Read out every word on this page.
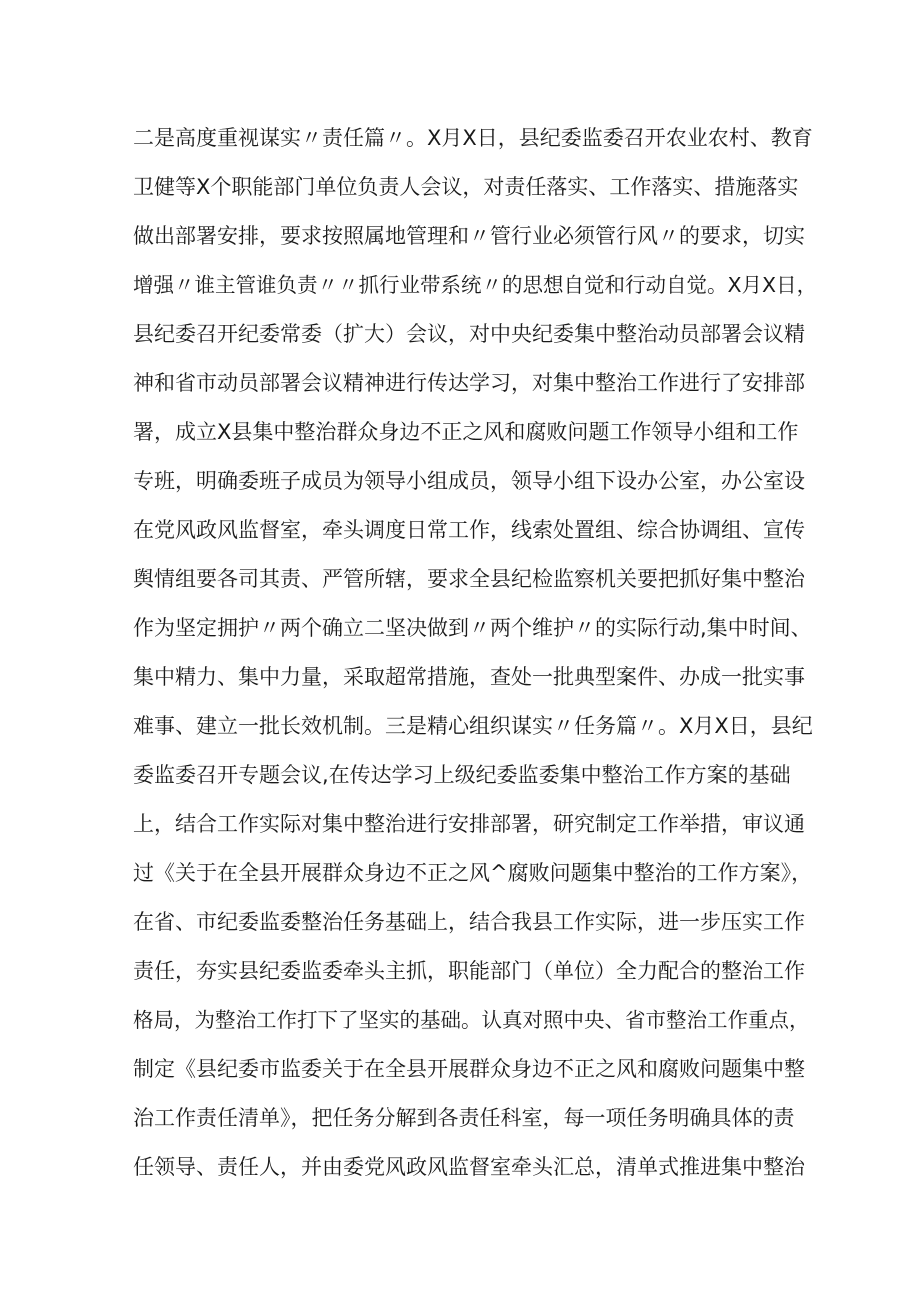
二是高度重视谋实〃责任篇〃。X月X日，县纪委监委召开农业农村、教育
卫健等X个职能部门单位负责人会议，对责任落实、工作落实、措施落实
做出部署安排，要求按照属地管理和〃管行业必须管行风〃的要求，切实
增强〃谁主管谁负责〃〃抓行业带系统〃的思想自觉和行动自觉。X月X日，
县纪委召开纪委常委（扩大）会议，对中央纪委集中整治动员部署会议精
神和省市动员部署会议精神进行传达学习，对集中整治工作进行了安排部
署，成立X县集中整治群众身边不正之风和腐败问题工作领导小组和工作
专班，明确委班子成员为领导小组成员，领导小组下设办公室，办公室设
在党风政风监督室，牵头调度日常工作，线索处置组、综合协调组、宣传
舆情组要各司其责、严管所辖，要求全县纪检监察机关要把抓好集中整治
作为坚定拥护〃两个确立二坚决做到〃两个维护〃的实际行动,集中时间、
集中精力、集中力量，采取超常措施，查处一批典型案件、办成一批实事
难事、建立一批长效机制。三是精心组织谋实〃任务篇〃。X月X日，县纪
委监委召开专题会议,在传达学习上级纪委监委集中整治工作方案的基础
上，结合工作实际对集中整治进行安排部署，研究制定工作举措，审议通
过《关于在全县开展群众身边不正之风^腐败问题集中整治的工作方案》，
在省、市纪委监委整治任务基础上，结合我县工作实际，进一步压实工作
责任，夯实县纪委监委牵头主抓，职能部门（单位）全力配合的整治工作
格局，为整治工作打下了坚实的基础。认真对照中央、省市整治工作重点，
制定《县纪委市监委关于在全县开展群众身边不正之风和腐败问题集中整
治工作责任清单》，把任务分解到各责任科室，每一项任务明确具体的责
任领导、责任人，并由委党风政风监督室牵头汇总，清单式推进集中整治
